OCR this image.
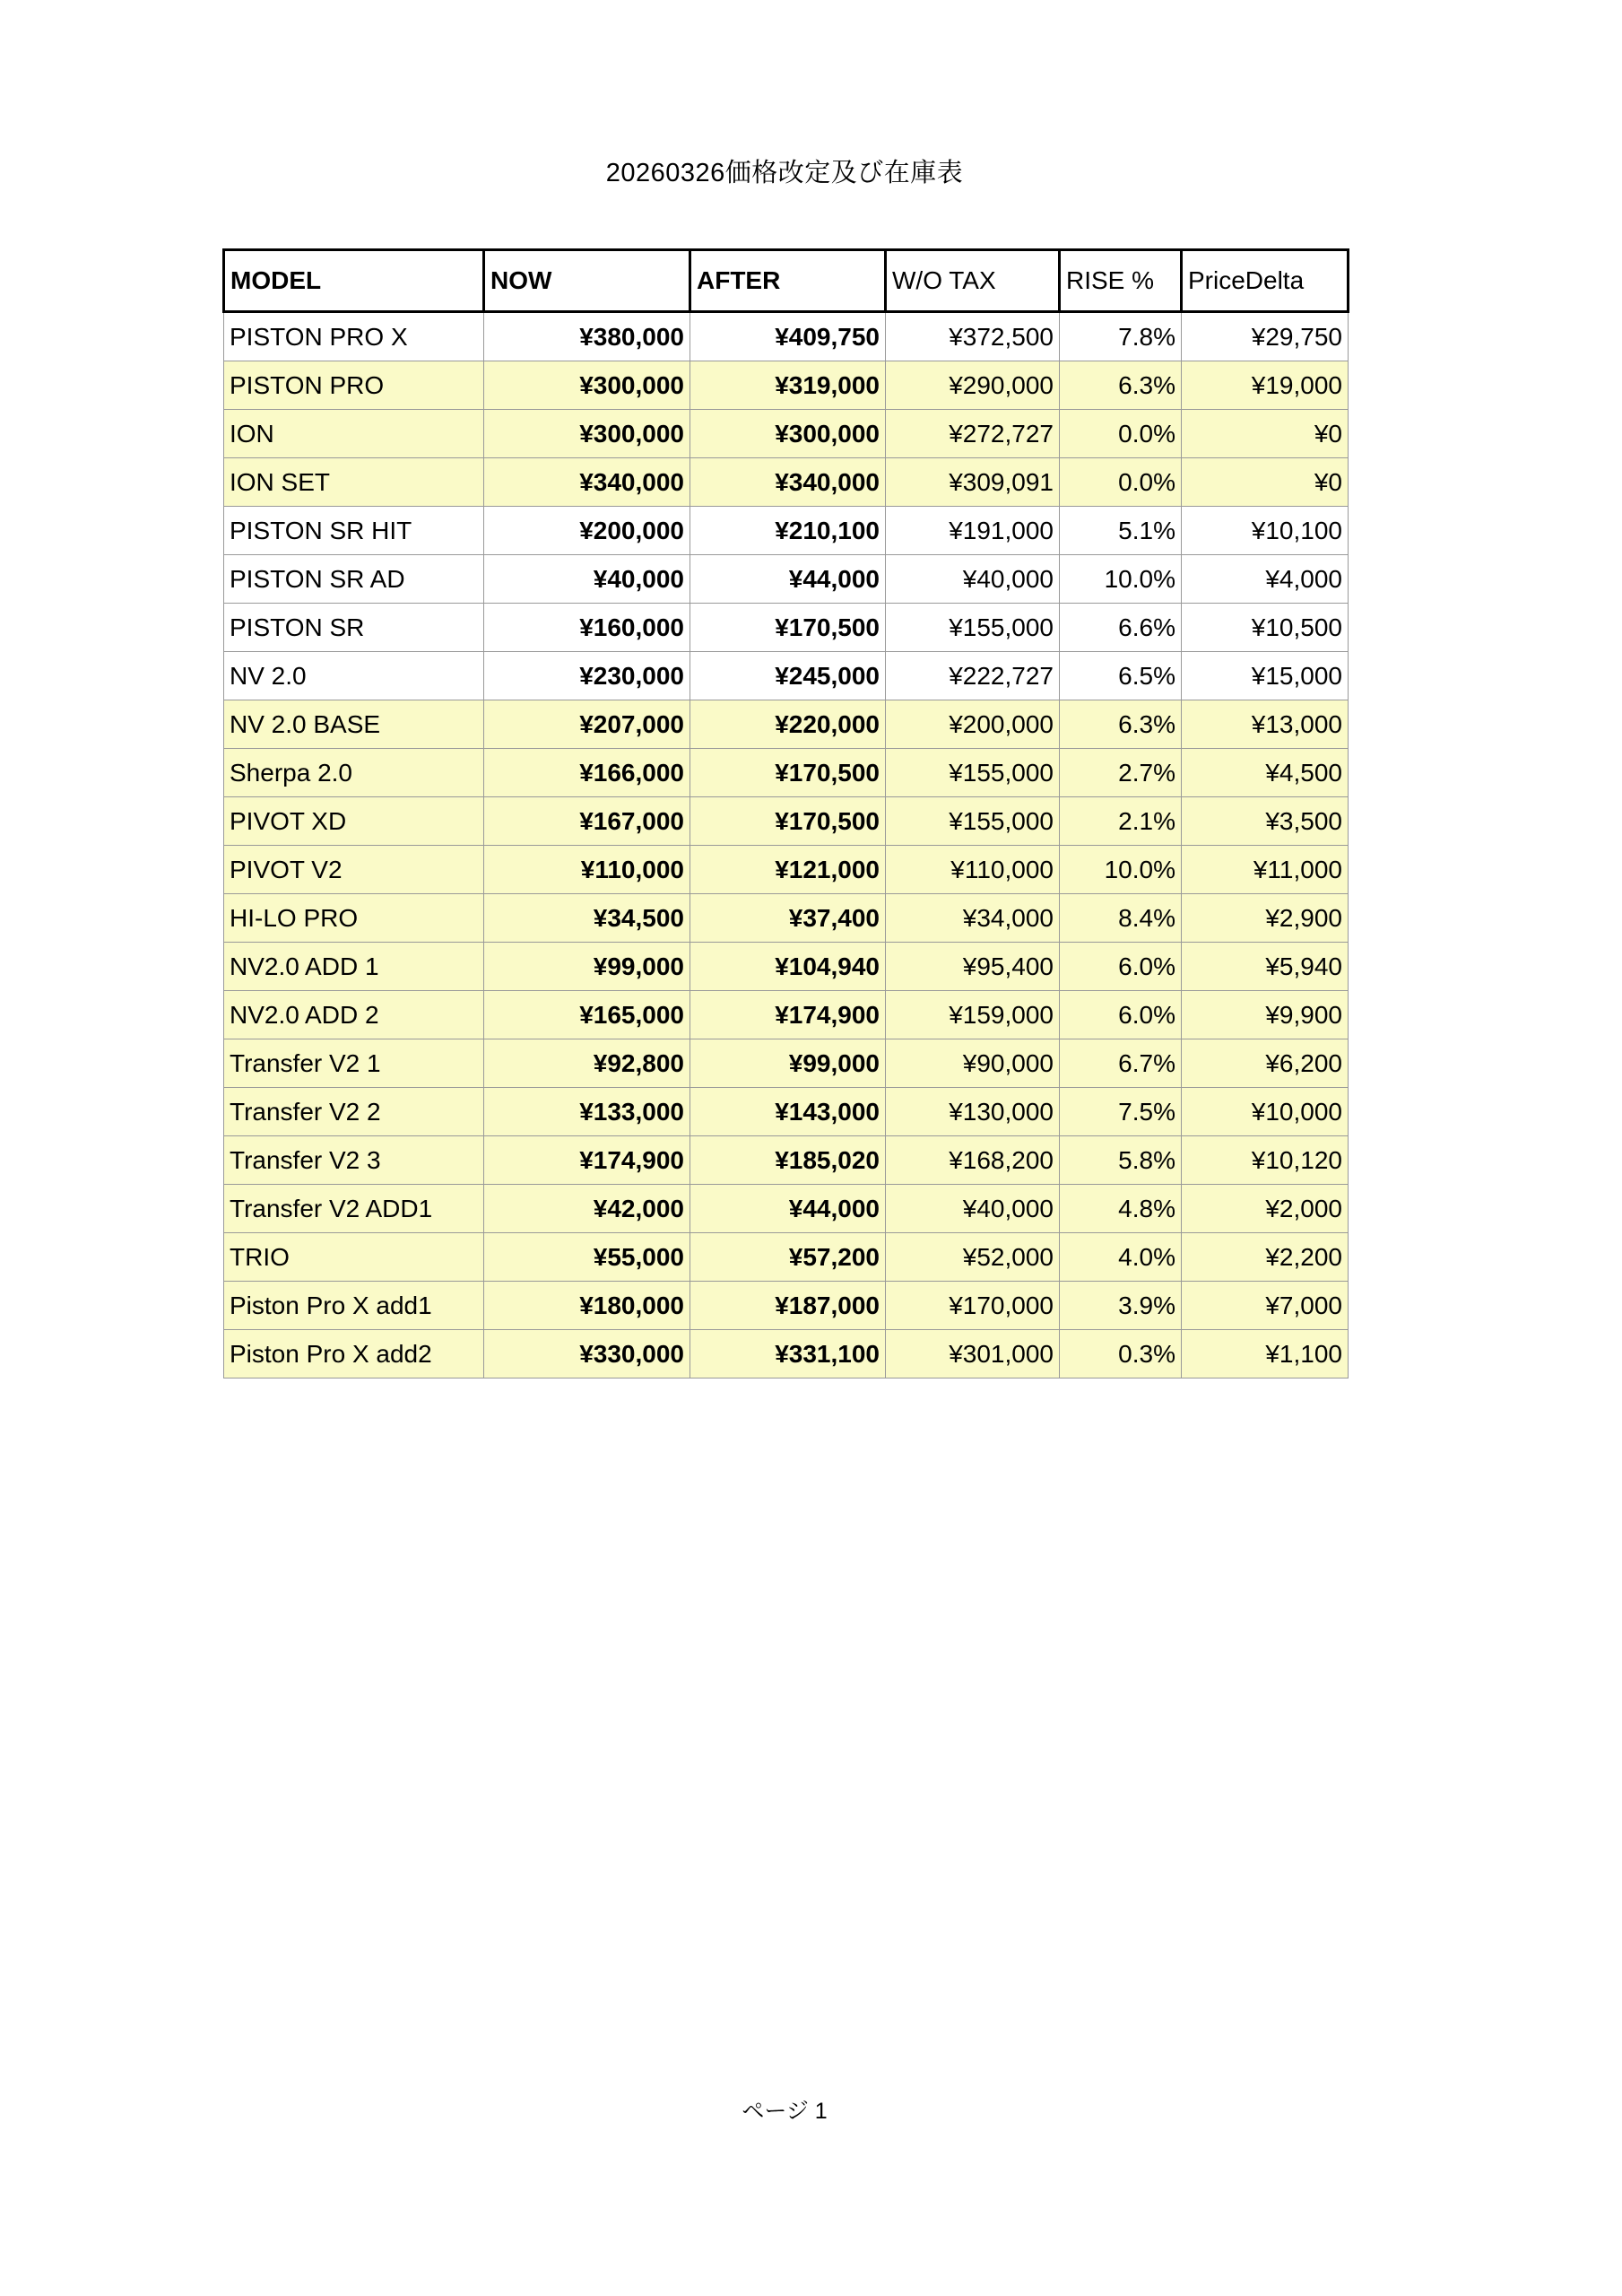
20260326価格改定及び在庫表
MODEL	NOW	AFTER	W/O TAX	RISE %	PriceDelta
PISTON PRO X	¥380,000	¥409,750	¥372,500	7.8%	¥29,750
PISTON PRO	¥300,000	¥319,000	¥290,000	6.3%	¥19,000
ION	¥300,000	¥300,000	¥272,727	0.0%	¥0
ION SET	¥340,000	¥340,000	¥309,091	0.0%	¥0
PISTON SR HIT	¥200,000	¥210,100	¥191,000	5.1%	¥10,100
PISTON SR AD	¥40,000	¥44,000	¥40,000	10.0%	¥4,000
PISTON SR	¥160,000	¥170,500	¥155,000	6.6%	¥10,500
NV 2.0	¥230,000	¥245,000	¥222,727	6.5%	¥15,000
NV 2.0 BASE	¥207,000	¥220,000	¥200,000	6.3%	¥13,000
Sherpa 2.0	¥166,000	¥170,500	¥155,000	2.7%	¥4,500
PIVOT XD	¥167,000	¥170,500	¥155,000	2.1%	¥3,500
PIVOT V2	¥110,000	¥121,000	¥110,000	10.0%	¥11,000
HI-LO PRO	¥34,500	¥37,400	¥34,000	8.4%	¥2,900
NV2.0 ADD 1	¥99,000	¥104,940	¥95,400	6.0%	¥5,940
NV2.0 ADD 2	¥165,000	¥174,900	¥159,000	6.0%	¥9,900
Transfer V2 1	¥92,800	¥99,000	¥90,000	6.7%	¥6,200
Transfer V2 2	¥133,000	¥143,000	¥130,000	7.5%	¥10,000
Transfer V2 3	¥174,900	¥185,020	¥168,200	5.8%	¥10,120
Transfer V2 ADD1	¥42,000	¥44,000	¥40,000	4.8%	¥2,000
TRIO	¥55,000	¥57,200	¥52,000	4.0%	¥2,200
Piston Pro X add1	¥180,000	¥187,000	¥170,000	3.9%	¥7,000
Piston Pro X add2	¥330,000	¥331,100	¥301,000	0.3%	¥1,100
ページ 1
